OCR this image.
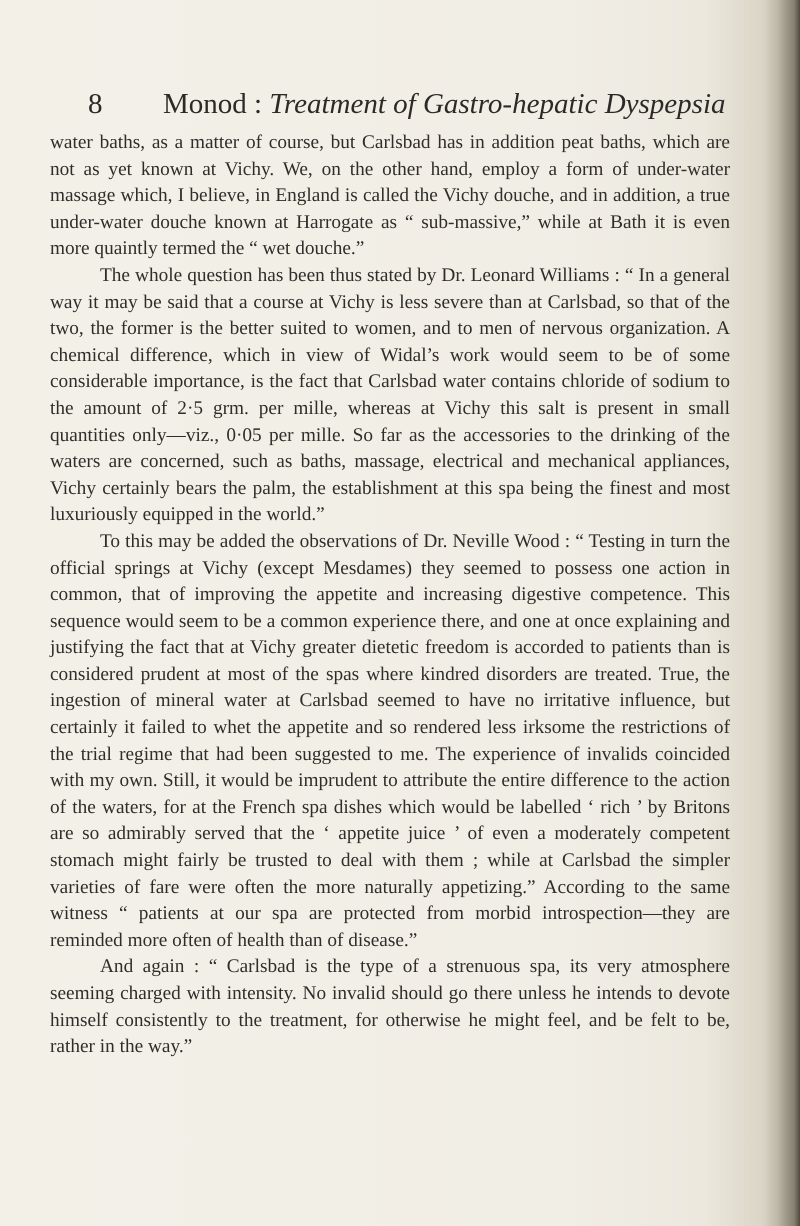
8 Monod : Treatment of Gastro-hepatic Dyspepsia

water baths, as a matter of course, but Carlsbad has in addition peat baths, which are not as yet known at Vichy. We, on the other hand, employ a form of under-water massage which, I believe, in England is called the Vichy douche, and in addition, a true under-water douche known at Harrogate as “ sub-massive,” while at Bath it is even more quaintly termed the “ wet douche.”

The whole question has been thus stated by Dr. Leonard Williams : “ In a general way it may be said that a course at Vichy is less severe than at Carlsbad, so that of the two, the former is the better suited to women, and to men of nervous organization. A chemical difference, which in view of Widal’s work would seem to be of some considerable importance, is the fact that Carlsbad water contains chloride of sodium to the amount of 2·5 grm. per mille, whereas at Vichy this salt is present in small quantities only—viz., 0·05 per mille. So far as the accessories to the drinking of the waters are concerned, such as baths, massage, electrical and mechanical appliances, Vichy certainly bears the palm, the establishment at this spa being the finest and most luxuriously equipped in the world.”

To this may be added the observations of Dr. Neville Wood : “ Testing in turn the official springs at Vichy (except Mesdames) they seemed to possess one action in common, that of improving the appetite and increasing digestive competence. This sequence would seem to be a common experience there, and one at once explaining and justifying the fact that at Vichy greater dietetic freedom is accorded to patients than is considered prudent at most of the spas where kindred disorders are treated. True, the ingestion of mineral water at Carlsbad seemed to have no irritative influence, but certainly it failed to whet the appetite and so rendered less irksome the restrictions of the trial regime that had been suggested to me. The experience of invalids coincided with my own. Still, it would be imprudent to attribute the entire difference to the action of the waters, for at the French spa dishes which would be labelled ‘ rich ’ by Britons are so admirably served that the ‘ appetite juice ’ of even a moderately competent stomach might fairly be trusted to deal with them ; while at Carlsbad the simpler varieties of fare were often the more naturally appetizing.” According to the same witness “ patients at our spa are protected from morbid introspection—they are reminded more often of health than of disease.”

And again : “ Carlsbad is the type of a strenuous spa, its very atmosphere seeming charged with intensity. No invalid should go there unless he intends to devote himself consistently to the treatment, for otherwise he might feel, and be felt to be, rather in the way.”
